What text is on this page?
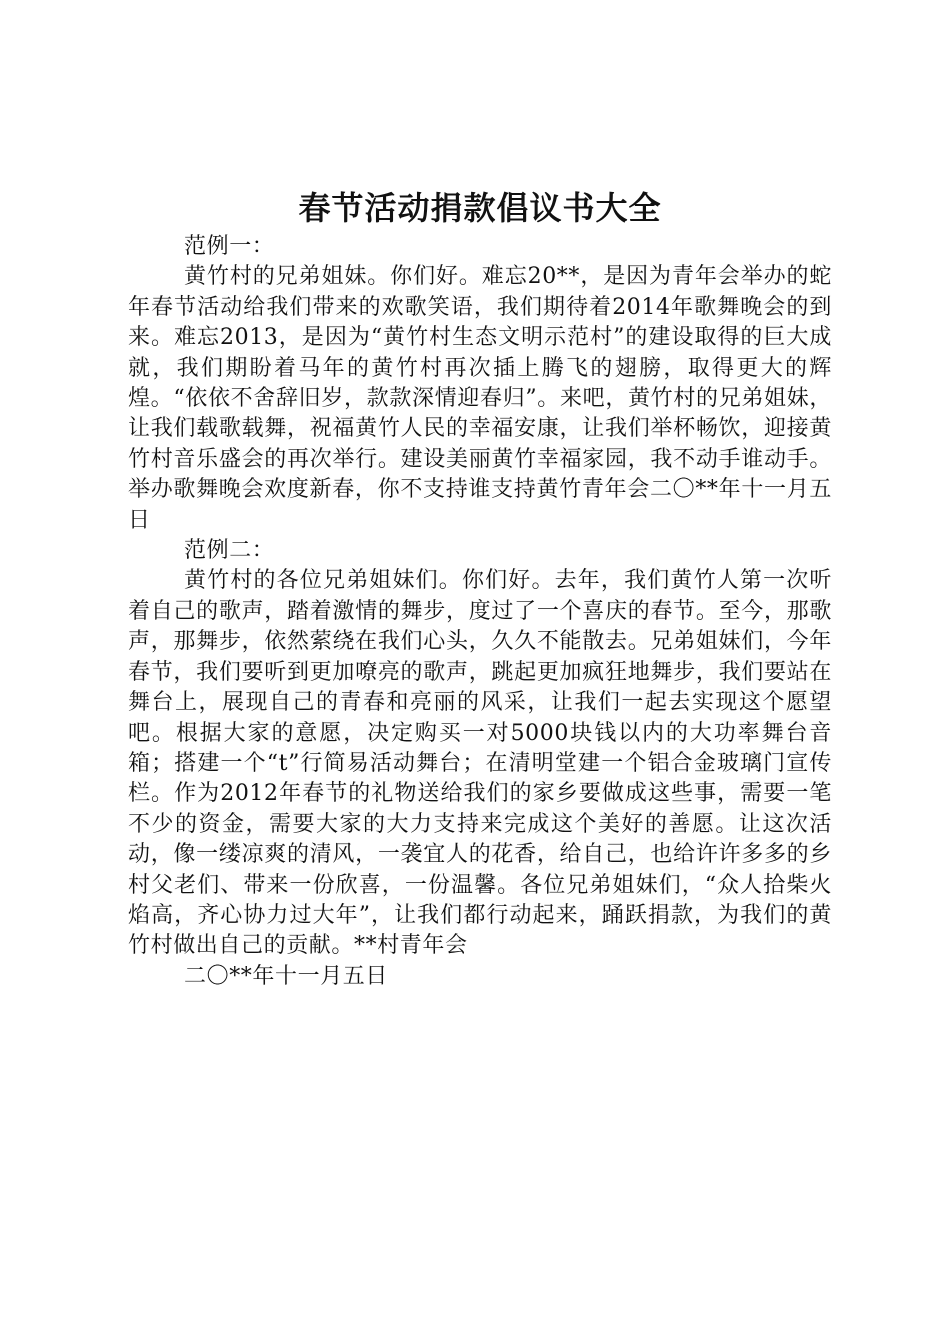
春节活动捐款倡议书大全

范例一：

黄竹村的兄弟姐妹。你们好。难忘20**，是因为青年会举办的蛇年春节活动给我们带来的欢歌笑语，我们期待着2014年歌舞晚会的到来。难忘2013，是因为“黄竹村生态文明示范村”的建设取得的巨大成就，我们期盼着马年的黄竹村再次插上腾飞的翅膀，取得更大的辉煌。“依依不舍辞旧岁，款款深情迎春归”。来吧，黄竹村的兄弟姐妹，让我们载歌载舞，祝福黄竹人民的幸福安康，让我们举杯畅饮，迎接黄竹村音乐盛会的再次举行。建设美丽黄竹幸福家园，我不动手谁动手。举办歌舞晚会欢度新春，你不支持谁支持黄竹青年会二〇**年十一月五日

范例二：

黄竹村的各位兄弟姐妹们。你们好。去年，我们黄竹人第一次听着自己的歌声，踏着激情的舞步，度过了一个喜庆的春节。至今，那歌声，那舞步，依然萦绕在我们心头，久久不能散去。兄弟姐妹们，今年春节，我们要听到更加嘹亮的歌声，跳起更加疯狂地舞步，我们要站在舞台上，展现自己的青春和亮丽的风采，让我们一起去实现这个愿望吧。根据大家的意愿，决定购买一对5000块钱以内的大功率舞台音箱；搭建一个“t”行简易活动舞台；在清明堂建一个铝合金玻璃门宣传栏。作为2012年春节的礼物送给我们的家乡要做成这些事，需要一笔不少的资金，需要大家的大力支持来完成这个美好的善愿。让这次活动，像一缕凉爽的清风，一袭宜人的花香，给自己，也给许许多多的乡村父老们、带来一份欣喜，一份温馨。各位兄弟姐妹们，“众人拾柴火焰高，齐心协力过大年”，让我们都行动起来，踊跃捐款，为我们的黄竹村做出自己的贡献。**村青年会

二〇**年十一月五日
